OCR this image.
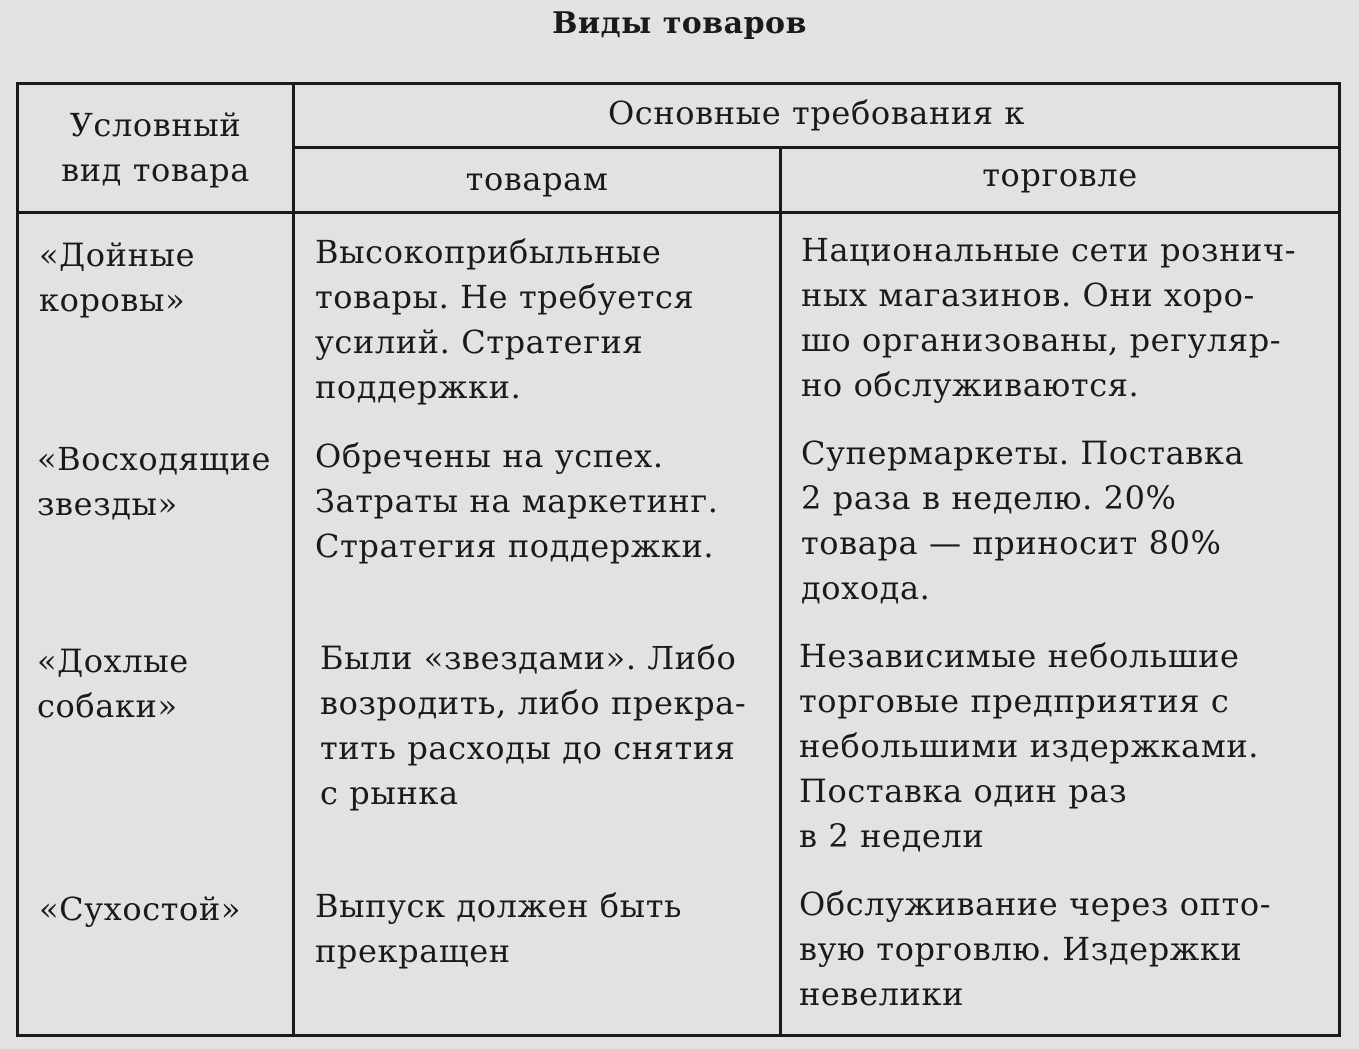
Виды товаров
Условный
вид товара
Основные требования к
товарам	торговле
«Дойные
коровы»
Высокоприбыльные
товары. Не требуется
усилий. Стратегия
поддержки.
Национальные сети рознич-
ных магазинов. Они хоро-
шо организованы, регуляр-
но обслуживаются.
«Восходящие
звезды»
Обречены на успех.
Затраты на маркетинг.
Стратегия поддержки.
Супермаркеты. Поставка
2 раза в неделю. 20%
товара — приносит 80%
дохода.
«Дохлые
собаки»
Были «звездами». Либо
возродить, либо прекра-
тить расходы до снятия
с рынка
Независимые небольшие
торговые предприятия с
небольшими издержками.
Поставка один раз
в 2 недели
«Сухостой»	Выпуск должен быть
прекращен
Обслуживание через опто-
вую торговлю. Издержки
невелики
